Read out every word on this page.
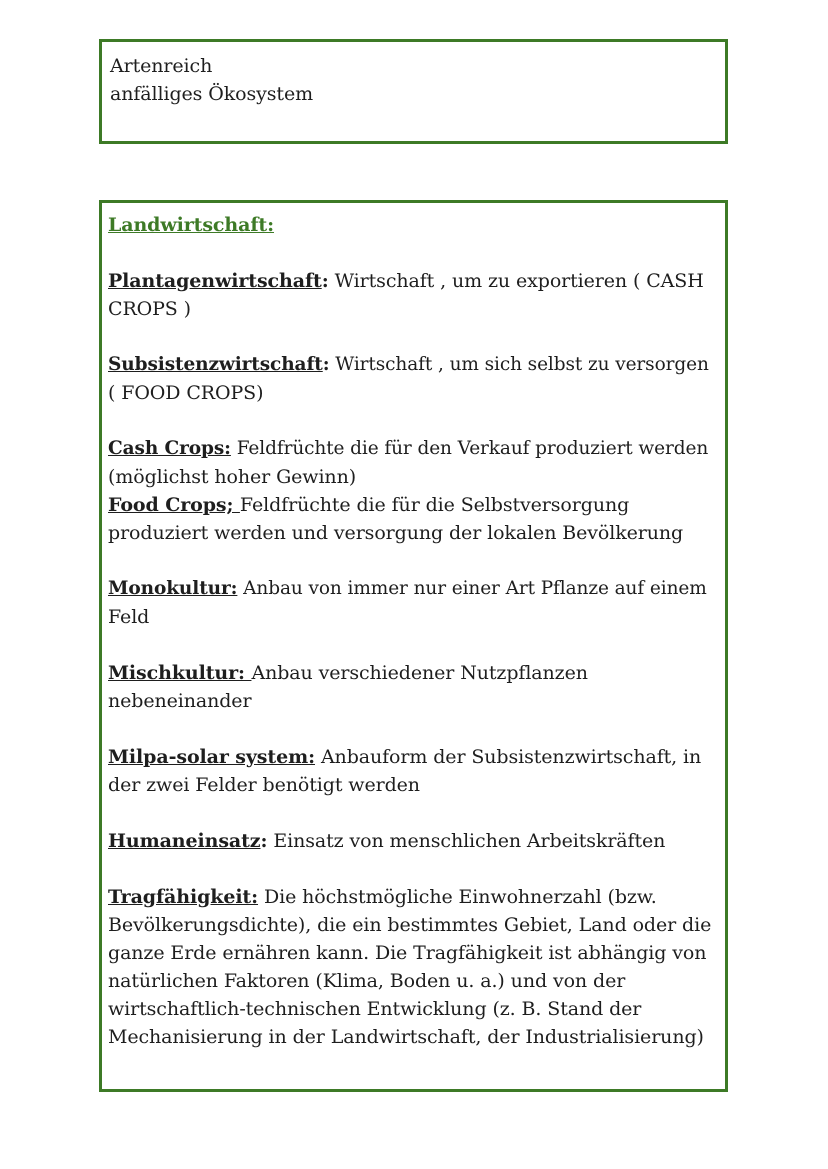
Artenreich
anfälliges Ökosystem
Landwirtschaft:
Plantagenwirtschaft: Wirtschaft , um zu exportieren ( CASH
CROPS )
Subsistenzwirtschaft: Wirtschaft , um sich selbst zu versorgen
( FOOD CROPS)
Cash Crops: Feldfrüchte die für den Verkauf produziert werden
(möglichst hoher Gewinn)
Food Crops; Feldfrüchte die für die Selbstversorgung
produziert werden und versorgung der lokalen Bevölkerung
Monokultur: Anbau von immer nur einer Art Pflanze auf einem
Feld
Mischkultur: Anbau verschiedener Nutzpflanzen
nebeneinander
Milpa-solar system: Anbauform der Subsistenzwirtschaft, in
der zwei Felder benötigt werden
Humaneinsatz: Einsatz von menschlichen Arbeitskräften
Tragfähigkeit: Die höchstmögliche Einwohnerzahl (bzw.
Bevölkerungsdichte), die ein bestimmtes Gebiet, Land oder die
ganze Erde ernähren kann. Die Tragfähigkeit ist abhängig von
natürlichen Faktoren (Klima, Boden u. a.) und von der
wirtschaftlich-technischen Entwicklung (z. B. Stand der
Mechanisierung in der Landwirtschaft, der Industrialisierung)
